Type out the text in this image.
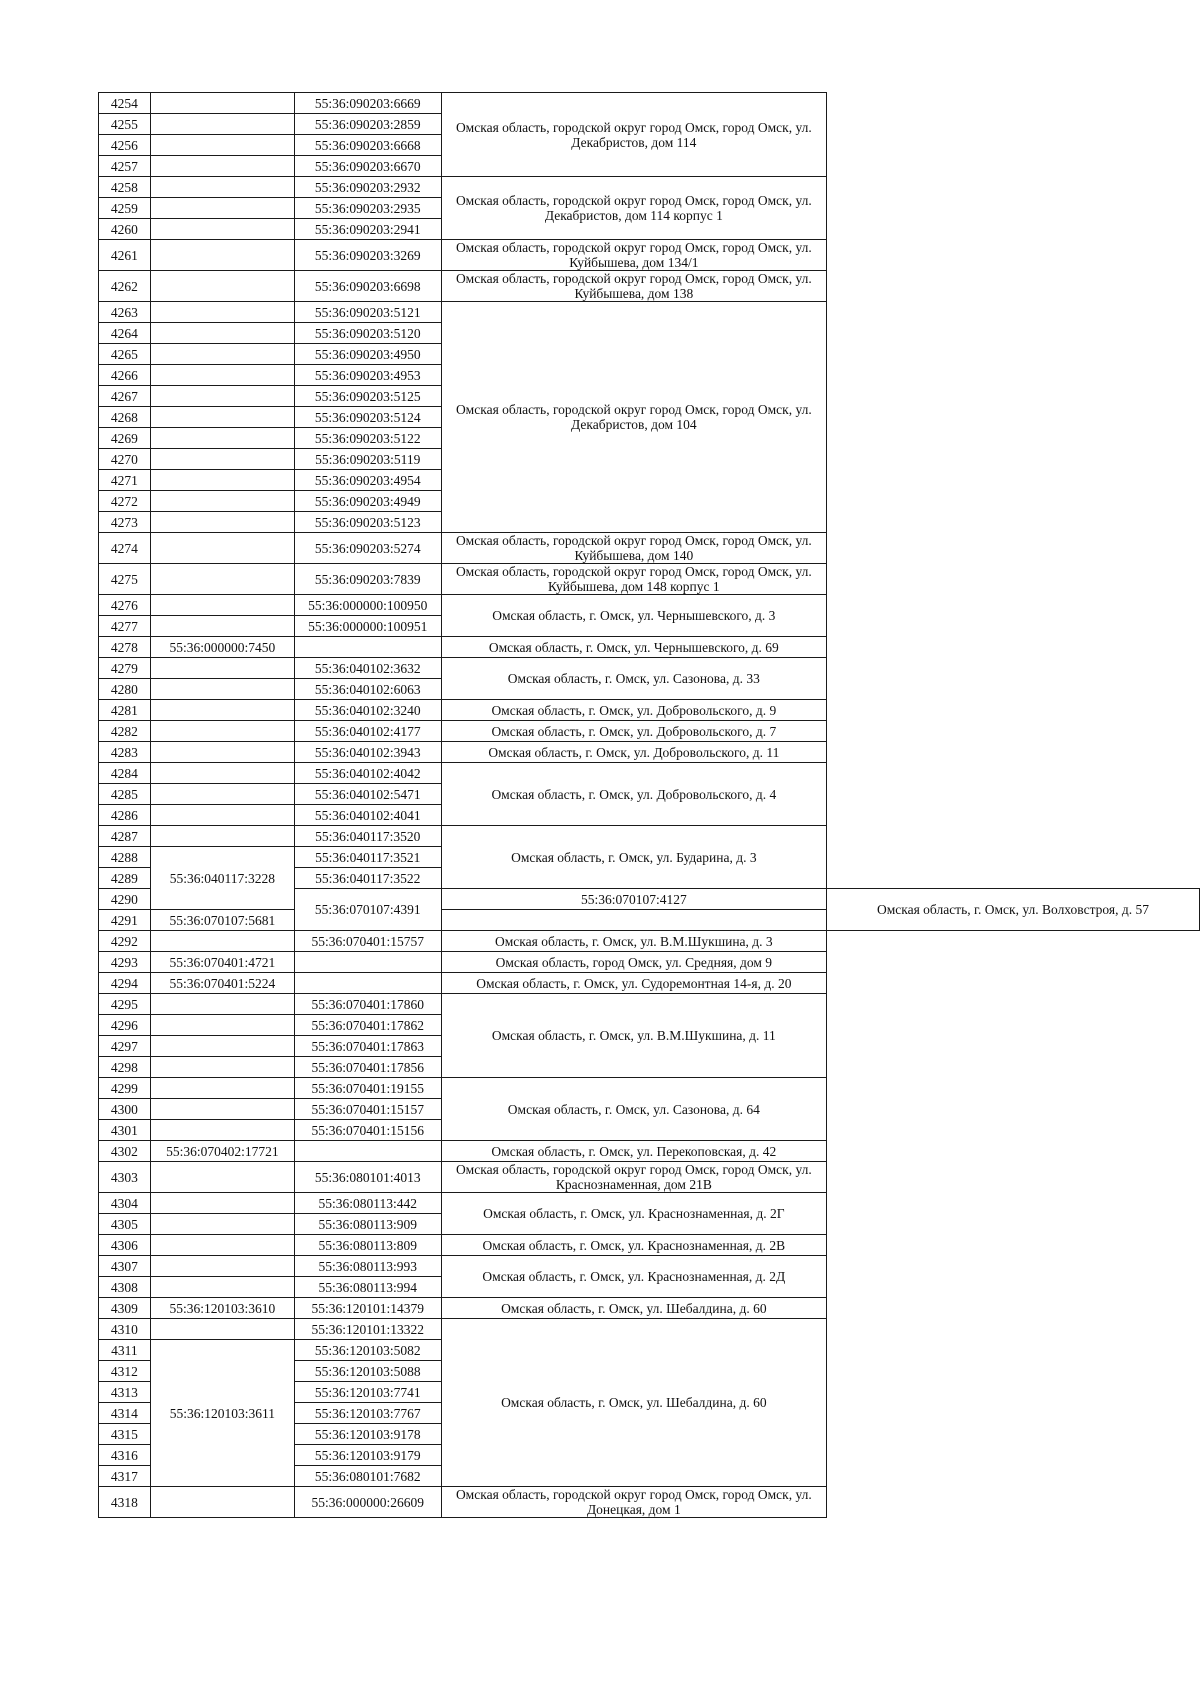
4254		55:36:090203:6669	Омская область, городской округ город Омск, город Омск, ул. Декабристов, дом 114	
4255		55:36:090203:2859		
4256		55:36:090203:6668		
4257		55:36:090203:6670		
4258		55:36:090203:2932	Омская область, городской округ город Омск, город Омск, ул. Декабристов, дом 114 корпус 1	
4259		55:36:090203:2935		
4260		55:36:090203:2941		
4261		55:36:090203:3269	Омская область, городской округ город Омск, город Омск, ул. Куйбышева, дом 134/1	
4262		55:36:090203:6698	Омская область, городской округ город Омск, город Омск, ул. Куйбышева, дом 138	
4263		55:36:090203:5121	Омская область, городской округ город Омск, город Омск, ул. Декабристов, дом 104	
4264		55:36:090203:5120		
4265		55:36:090203:4950		
4266		55:36:090203:4953		
4267		55:36:090203:5125		
4268		55:36:090203:5124		
4269		55:36:090203:5122		
4270		55:36:090203:5119		
4271		55:36:090203:4954		
4272		55:36:090203:4949		
4273		55:36:090203:5123		
4274		55:36:090203:5274	Омская область, городской округ город Омск, город Омск, ул. Куйбышева, дом 140	
4275		55:36:090203:7839	Омская область, городской округ город Омск, город Омск, ул. Куйбышева, дом 148 корпус 1	
4276		55:36:000000:100950	Омская область, г. Омск, ул. Чернышевского, д. 3	
4277		55:36:000000:100951		
4278	55:36:000000:7450		Омская область, г. Омск, ул. Чернышевского, д. 69	
4279		55:36:040102:3632	Омская область, г. Омск, ул. Сазонова, д. 33	
4280		55:36:040102:6063		
4281		55:36:040102:3240	Омская область, г. Омск, ул. Добровольского, д. 9	
4282		55:36:040102:4177	Омская область, г. Омск, ул. Добровольского, д. 7	
4283		55:36:040102:3943	Омская область, г. Омск, ул. Добровольского, д. 11	
4284		55:36:040102:4042	Омская область, г. Омск, ул. Добровольского, д. 4	
4285		55:36:040102:5471		
4286		55:36:040102:4041		
4287		55:36:040117:3520	Омская область, г. Омск, ул. Бударина, д. 3	
4288	55:36:040117:3228	55:36:040117:3521		
4289		55:36:040117:3522		
4290		55:36:070107:4391	55:36:070107:4127	Омская область, г. Омск, ул. Волховстроя, д. 57
4291	55:36:070107:5681			
4292		55:36:070401:15757	Омская область, г. Омск, ул. В.М.Шукшина, д. 3	
4293	55:36:070401:4721		Омская область, город Омск, ул. Средняя, дом 9	
4294	55:36:070401:5224		Омская область, г. Омск, ул. Судоремонтная 14-я, д. 20	
4295		55:36:070401:17860	Омская область, г. Омск, ул. В.М.Шукшина, д. 11	
4296		55:36:070401:17862		
4297		55:36:070401:17863		
4298		55:36:070401:17856		
4299		55:36:070401:19155	Омская область, г. Омск, ул. Сазонова, д. 64	
4300		55:36:070401:15157		
4301		55:36:070401:15156		
4302	55:36:070402:17721		Омская область, г. Омск, ул. Перекоповская, д. 42	
4303		55:36:080101:4013	Омская область, городской округ город Омск, город Омск, ул. Краснознаменная, дом 21В	
4304		55:36:080113:442	Омская область, г. Омск, ул. Краснознаменная, д. 2Г	
4305		55:36:080113:909		
4306		55:36:080113:809	Омская область, г. Омск, ул. Краснознаменная, д. 2В	
4307		55:36:080113:993	Омская область, г. Омск, ул. Краснознаменная, д. 2Д	
4308		55:36:080113:994		
4309	55:36:120103:3610	55:36:120101:14379	Омская область, г. Омск, ул. Шебалдина, д. 60	
4310		55:36:120101:13322	Омская область, г. Омск, ул. Шебалдина, д. 60	
4311	55:36:120103:3611	55:36:120103:5082		
4312		55:36:120103:5088		
4313		55:36:120103:7741		
4314		55:36:120103:7767		
4315		55:36:120103:9178		
4316		55:36:120103:9179		
4317		55:36:080101:7682		
4318		55:36:000000:26609	Омская область, городской округ город Омск, город Омск, ул. Донецкая, дом 1	
